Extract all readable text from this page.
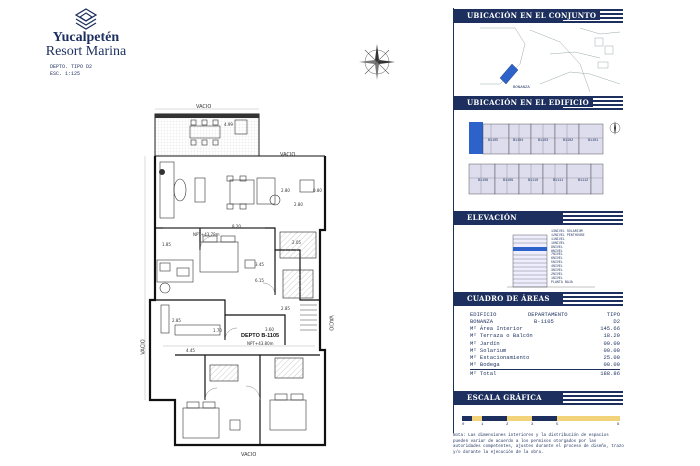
Yucalpetén
Resort Marina
DEPTO. TIPO D2
ESC. 1:125
VACIO
VACIO
VACIO
VACIO
VACIO
4.99
8.20
2.80	0.80
2.80
3.45
6.15
1.85
2.85
2.05
4.45
1.70
2.85
3.60
NPT+43.78m
DEPTO B-1105
NPT+43.80m
UBICACIÓN EN EL CONJUNTO
BONANZA
UBICACIÓN EN EL EDIFICIO
B1105	B1104	B1103	B1102	B1101
B1108	B1109	B1110	B1111	B1112
ELEVACIÓN
13NIVEL SOLARIUM
12NIVEL PENTHOUSE
11NIVEL
10NIVEL
9NIVEL
8NIVEL
7NIVEL
6NIVEL
5NIVEL
4NIVEL
3NIVEL
2NIVEL
1NIVEL
PLANTA BAJA
CUADRO DE ÁREAS
EDIFICIO	DEPARTAMENTO	TIPO
BONANZA	B-1105	D2
M² Área Interior	145.66
M² Terraza o Balcón	18.20
M² Jardín	00.00
M² Solarium	00.00
M² Estacionamiento	25.00
M² Bodega	00.00
M² Total	188.86
ESCALA GRÁFICA
0	1	2	3	5	6
Nota: Las dimensiones interiores y la distribución de espacios pueden variar de acuerdo a los permisos otorgados por las autoridades competentes, ajustes durante el proceso de diseño, trazo y/o durante la ejecución de la obra.
